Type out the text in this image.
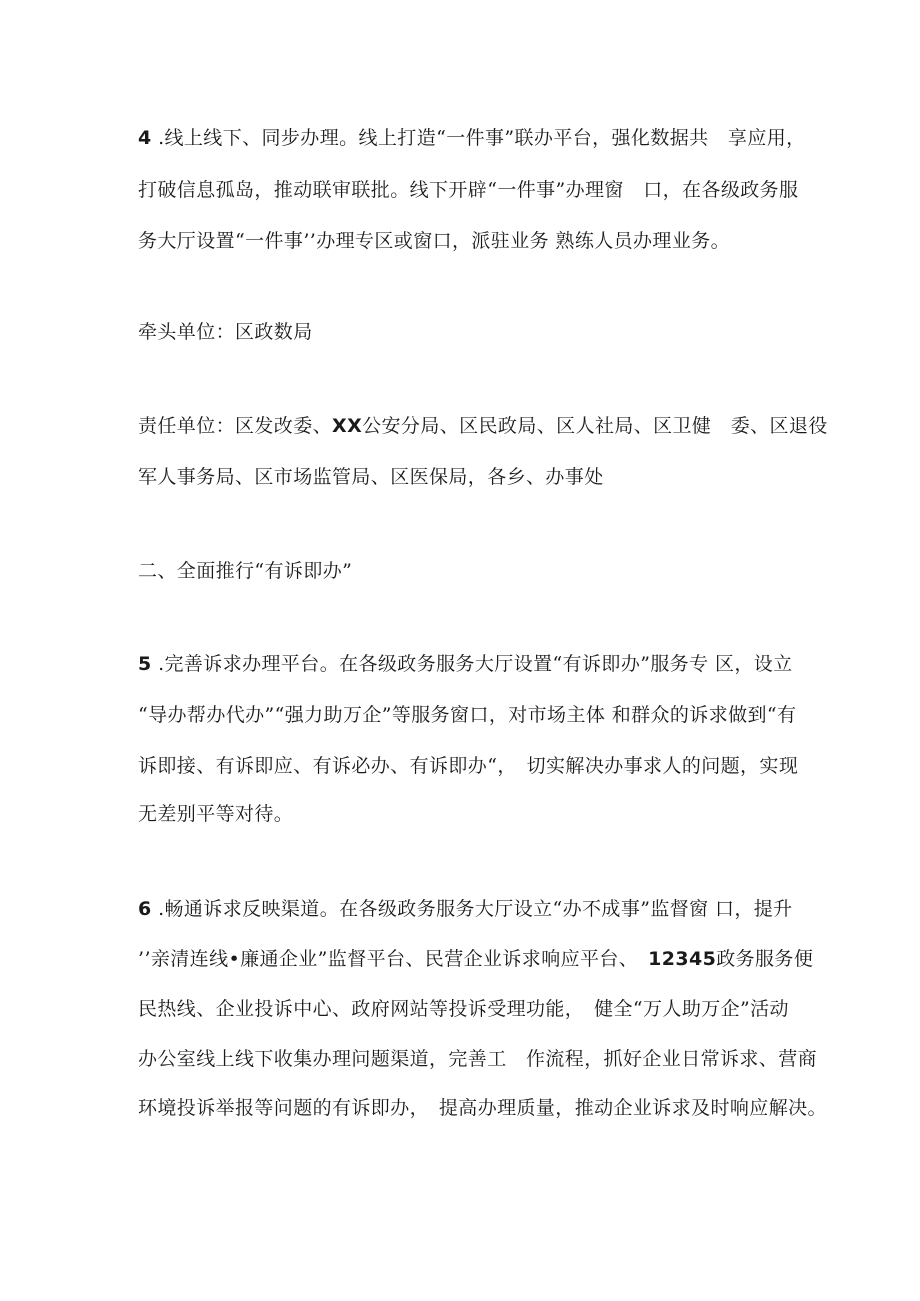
4 .线上线下、同步办理。线上打造“一件事”联办平台，强化数据共　享应用，
打破信息孤岛，推动联审联批。线下开辟“一件事”办理窗　口，在各级政务服
务大厅设置“一件事’’办理专区或窗口，派驻业务 熟练人员办理业务。
牵头单位：区政数局
责任单位：区发改委、XX公安分局、区民政局、区人社局、区卫健　委、区退役
军人事务局、区市场监管局、区医保局，各乡、办事处
二、全面推行“有诉即办”
5 .完善诉求办理平台。在各级政务服务大厅设置“有诉即办”服务专 区，设立
“导办帮办代办”“强力助万企”等服务窗口，对市场主体 和群众的诉求做到“有
诉即接、有诉即应、有诉必办、有诉即办“，　切实解决办事求人的问题，实现
无差别平等对待。
6 .畅通诉求反映渠道。在各级政务服务大厅设立“办不成事”监督窗 口，提升
’’亲清连线•廉通企业”监督平台、民营企业诉求响应平台、　12345政务服务便
民热线、企业投诉中心、政府网站等投诉受理功能，　健全“万人助万企”活动
办公室线上线下收集办理问题渠道，完善工　作流程，抓好企业日常诉求、营商
环境投诉举报等问题的有诉即办，　提高办理质量，推动企业诉求及时响应解决。
